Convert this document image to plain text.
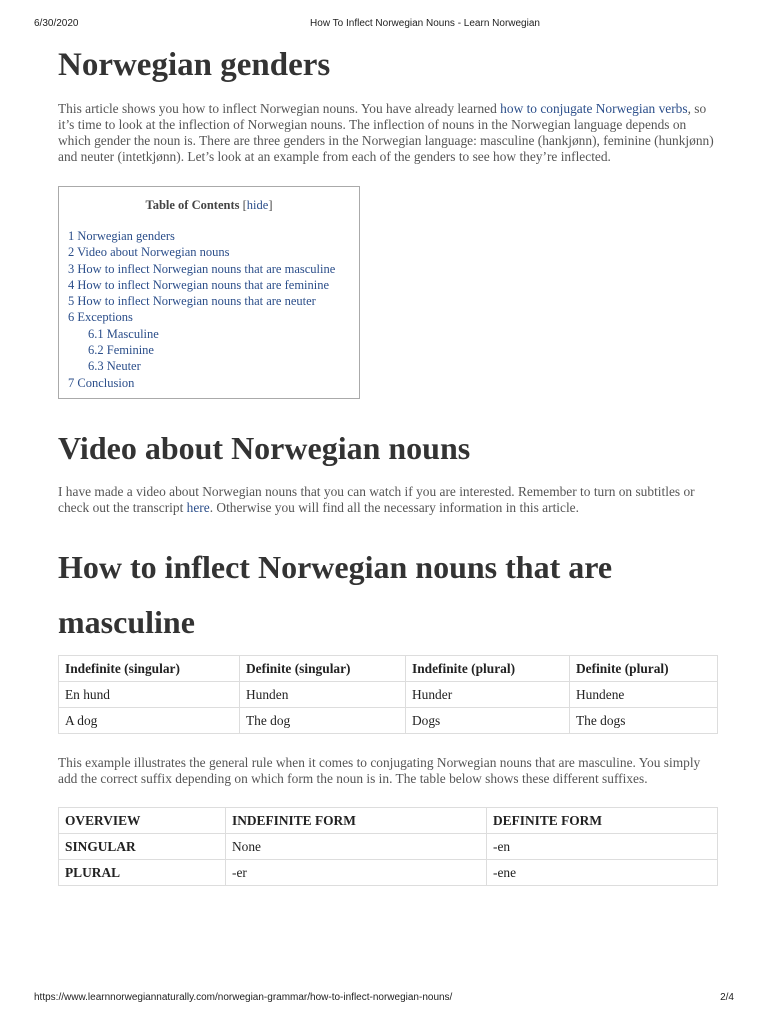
6/30/2020	How To Inflect Norwegian Nouns - Learn Norwegian
Norwegian genders

This article shows you how to inflect Norwegian nouns. You have already learned how to conjugate Norwegian verbs, so it’s time to look at the inflection of Norwegian nouns. The inflection of nouns in the Norwegian language depends on which gender the noun is. There are three genders in the Norwegian language: masculine (hankjønn), feminine (hunkjønn) and neuter (intetkjønn). Let’s look at an example from each of the genders to see how they’re inflected.

Table of Contents [hide]
1 Norwegian genders
2 Video about Norwegian nouns
3 How to inflect Norwegian nouns that are masculine
4 How to inflect Norwegian nouns that are feminine
5 How to inflect Norwegian nouns that are neuter
6 Exceptions
6.1 Masculine
6.2 Feminine
6.3 Neuter
7 Conclusion
Video about Norwegian nouns

I have made a video about Norwegian nouns that you can watch if you are interested. Remember to turn on subtitles or check out the transcript here. Otherwise you will find all the necessary information in this article.

How to inflect Norwegian nouns that are masculine
Indefinite (singular)	Definite (singular)	Indefinite (plural)	Definite (plural)
En hund	Hunden	Hunder	Hundene
A dog	The dog	Dogs	The dogs

This example illustrates the general rule when it comes to conjugating Norwegian nouns that are masculine. You simply add the correct suffix depending on which form the noun is in. The table below shows these different suffixes.

OVERVIEW	INDEFINITE FORM	DEFINITE FORM
SINGULAR	None	-en
PLURAL	-er	-ene
https://www.learnnorwegiannaturally.com/norwegian-grammar/how-to-inflect-norwegian-nouns/	2/4
